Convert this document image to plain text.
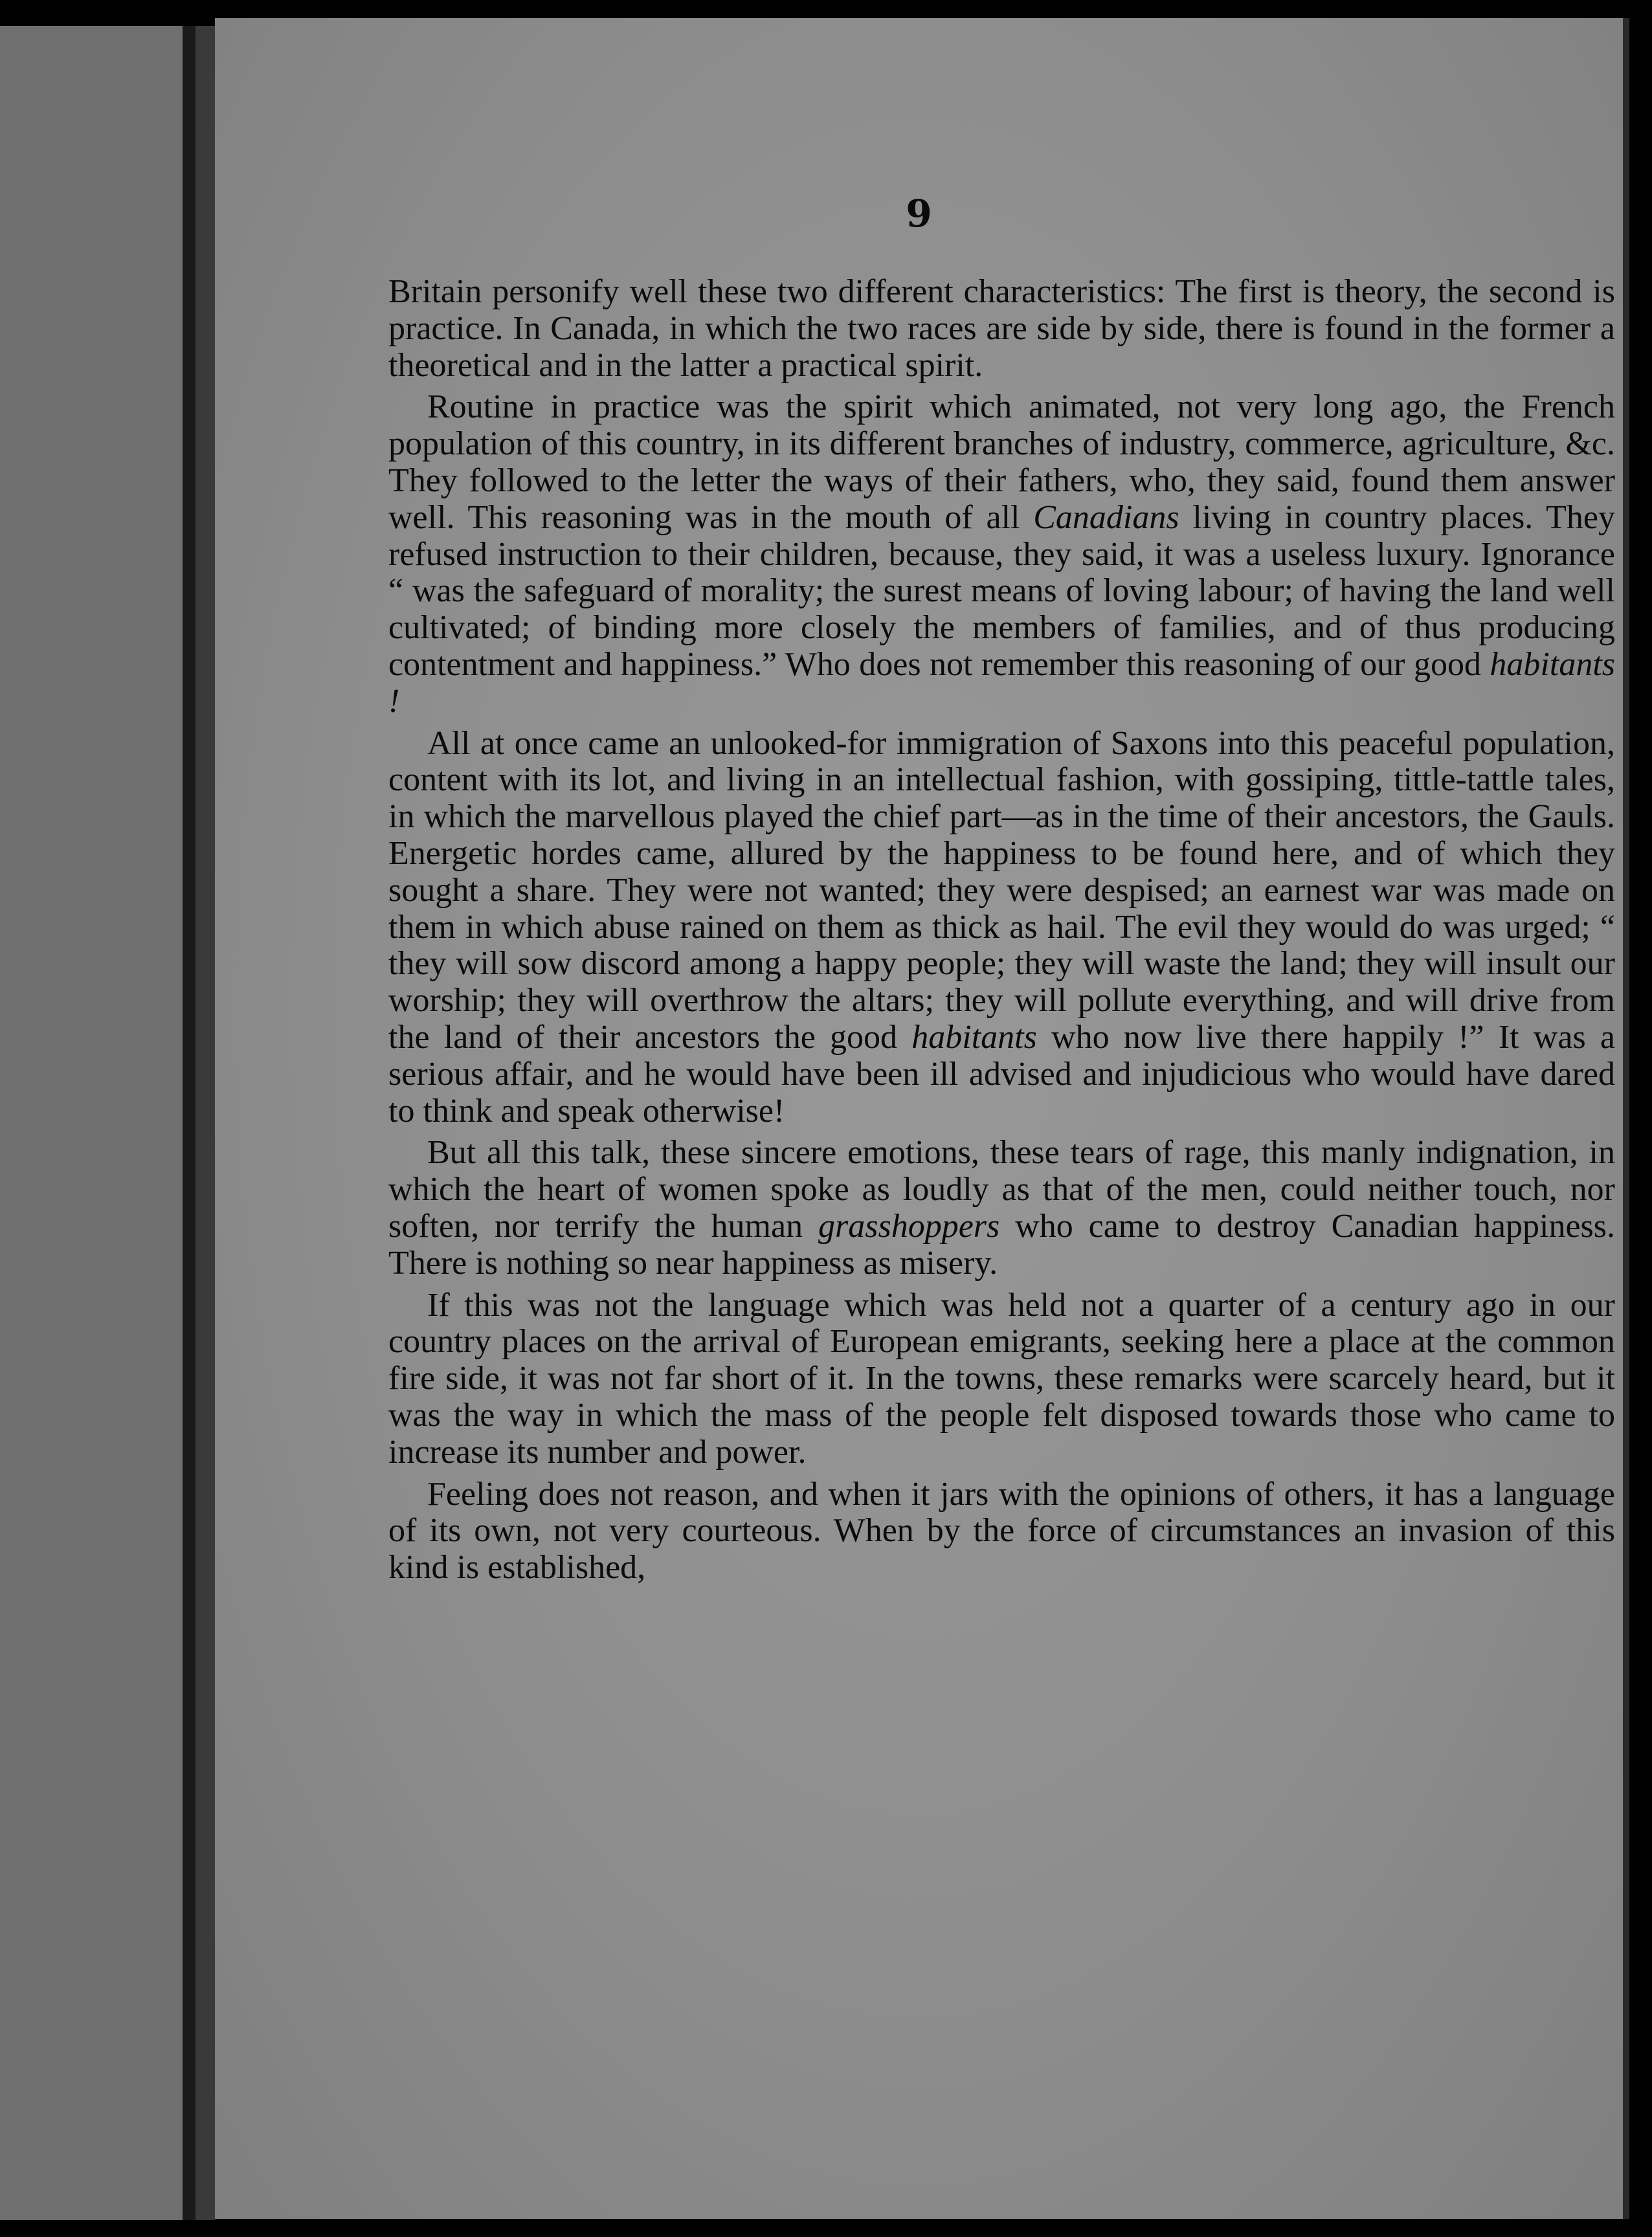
9

Britain personify well these two different characteristics: The first is theory, the second is practice. In Canada, in which the two races are side by side, there is found in the former a theoretical and in the latter a practical spirit.

Routine in practice was the spirit which animated, not very long ago, the French population of this country, in its different branches of industry, commerce, agriculture, &c. They followed to the letter the ways of their fathers, who, they said, found them answer well. This reasoning was in the mouth of all Canadians living in country places. They refused instruction to their children, because, they said, it was a useless luxury. Ignorance “ was the safeguard of morality; the surest means of loving labour; of having the land well cultivated; of binding more closely the members of families, and of thus producing contentment and happiness.” Who does not remember this reasoning of our good habitants !

All at once came an unlooked-for immigration of Saxons into this peaceful population, content with its lot, and living in an intellectual fashion, with gossiping, tittle-tattle tales, in which the marvellous played the chief part—as in the time of their ancestors, the Gauls. Energetic hordes came, allured by the happiness to be found here, and of which they sought a share. They were not wanted; they were despised; an earnest war was made on them in which abuse rained on them as thick as hail. The evil they would do was urged; “ they will sow discord among a happy people; they will waste the land; they will insult our worship; they will overthrow the altars; they will pollute everything, and will drive from the land of their ancestors the good habitants who now live there happily !” It was a serious affair, and he would have been ill advised and injudicious who would have dared to think and speak otherwise!

But all this talk, these sincere emotions, these tears of rage, this manly indignation, in which the heart of women spoke as loudly as that of the men, could neither touch, nor soften, nor terrify the human grasshoppers who came to destroy Canadian happiness. There is nothing so near happiness as misery.

If this was not the language which was held not a quarter of a century ago in our country places on the arrival of European emigrants, seeking here a place at the common fire side, it was not far short of it. In the towns, these remarks were scarcely heard, but it was the way in which the mass of the people felt disposed towards those who came to increase its number and power.

Feeling does not reason, and when it jars with the opinions of others, it has a language of its own, not very courteous. When by the force of circumstances an invasion of this kind is established,
